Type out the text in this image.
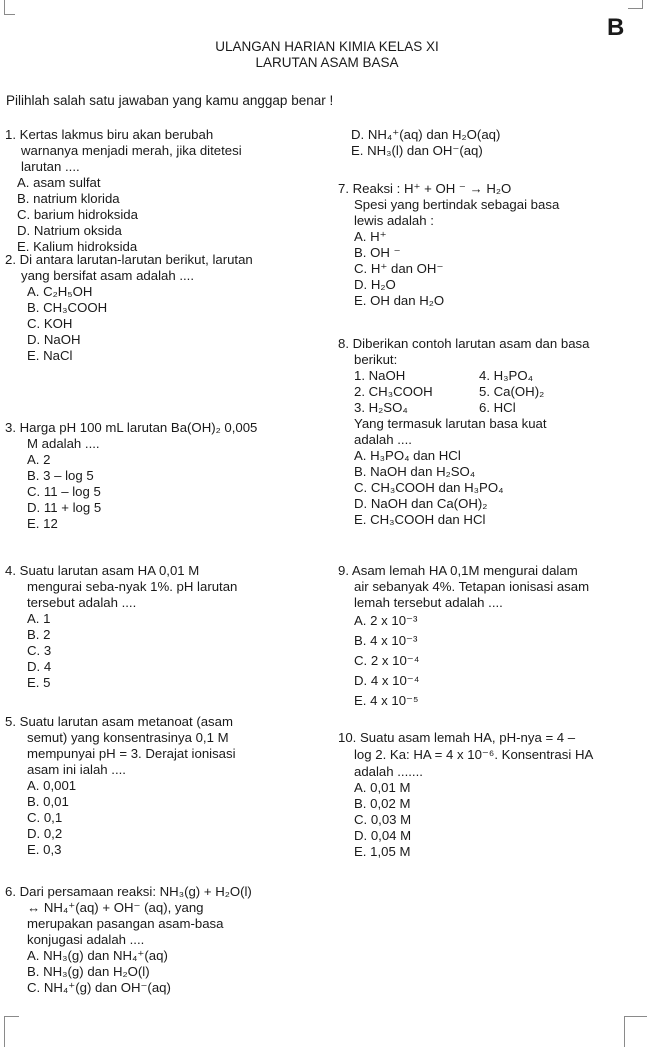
B
ULANGAN HARIAN KIMIA KELAS XI
LARUTAN ASAM BASA
Pilihlah salah satu jawaban yang kamu anggap benar !
1. Kertas lakmus biru akan berubah
warnanya menjadi merah, jika ditetesi
larutan ....
A. asam sulfat
B. natrium klorida
C. barium hidroksida
D. Natrium oksida
E. Kalium hidroksida
2. Di antara larutan-larutan berikut, larutan
yang bersifat asam adalah ....
A. C₂H₅OH
B. CH₃COOH
C. KOH
D. NaOH
E. NaCl
3. Harga pH 100 mL larutan Ba(OH)₂ 0,005
M adalah ....
A. 2
B. 3 – log 5
C. 11 – log 5
D. 11 + log 5
E. 12
4. Suatu larutan asam HA 0,01 M
mengurai seba-nyak 1%. pH larutan
tersebut adalah ....
A. 1
B. 2
C. 3
D. 4
E. 5
5. Suatu larutan asam metanoat (asam
semut) yang konsentrasinya 0,1 M
mempunyai pH = 3. Derajat ionisasi
asam ini ialah ....
A. 0,001
B. 0,01
C. 0,1
D. 0,2
E. 0,3
6. Dari persamaan reaksi: NH₃(g) + H₂O(l)
↔ NH₄⁺(aq) + OH⁻ (aq), yang
merupakan pasangan asam-basa
konjugasi adalah ....
A. NH₃(g) dan NH₄⁺(aq)
B. NH₃(g) dan H₂O(l)
C. NH₄⁺(g) dan OH⁻(aq)
D. NH₄⁺(aq) dan H₂O(aq)
E. NH₃(l) dan OH⁻(aq)
7. Reaksi : H⁺ + OH ⁻ → H₂O
Spesi yang bertindak sebagai basa
lewis adalah :
A. H⁺
B. OH ⁻
C. H⁺ dan OH⁻
D. H₂O
E. OH dan H₂O
8. Diberikan contoh larutan asam dan basa
berikut:
1. NaOH	4. H₃PO₄
2. CH₃COOH	5. Ca(OH)₂
3. H₂SO₄	6. HCl
Yang termasuk larutan basa kuat
adalah ....
A. H₃PO₄ dan HCl
B. NaOH dan H₂SO₄
C. CH₃COOH dan H₃PO₄
D. NaOH dan Ca(OH)₂
E. CH₃COOH dan HCl
9. Asam lemah HA 0,1M mengurai dalam
air sebanyak 4%. Tetapan ionisasi asam
lemah tersebut adalah ....
A. 2 x 10⁻³
B. 4 x 10⁻³
C. 2 x 10⁻⁴
D. 4 x 10⁻⁴
E. 4 x 10⁻⁵
10. Suatu asam lemah HA, pH-nya = 4 –
log 2. Ka: HA = 4 x 10⁻⁶. Konsentrasi HA
adalah .......
A. 0,01 M
B. 0,02 M
C. 0,03 M
D. 0,04 M
E. 1,05 M
